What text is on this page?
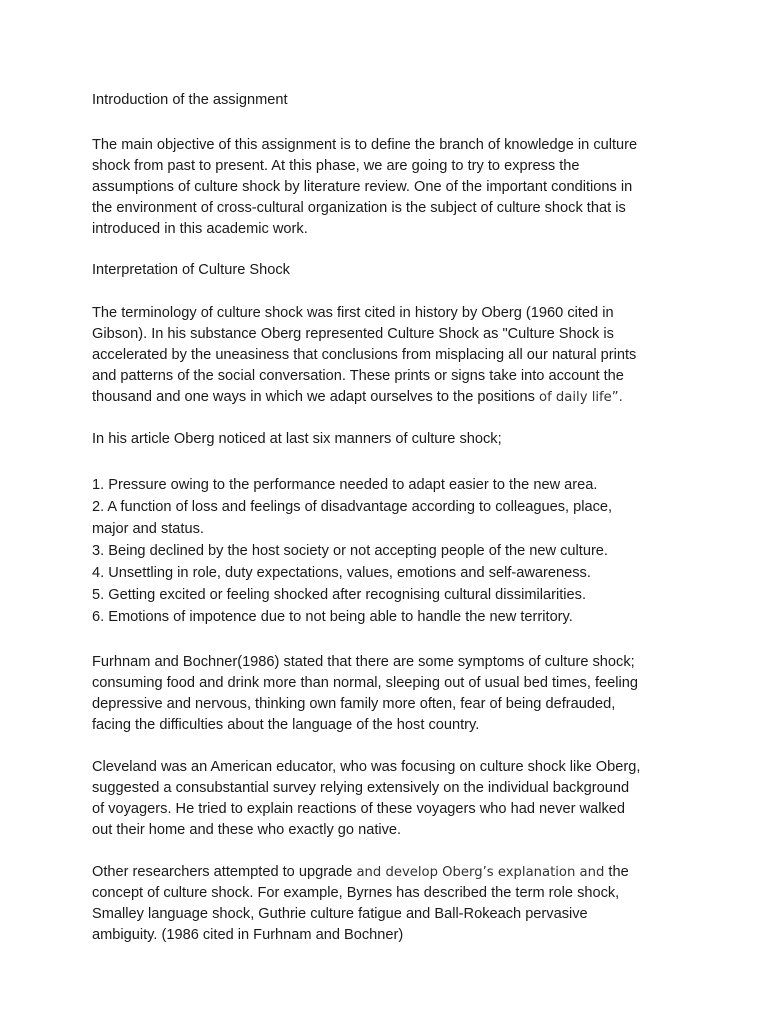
Introduction of the assignment

The main objective of this assignment is to define the branch of knowledge in culture
shock from past to present. At this phase, we are going to try to express the
assumptions of culture shock by literature review. One of the important conditions in
the environment of cross-cultural organization is the subject of culture shock that is
introduced in this academic work.

Interpretation of Culture Shock

The terminology of culture shock was first cited in history by Oberg (1960 cited in
Gibson). In his substance Oberg represented Culture Shock as "Culture Shock is
accelerated by the uneasiness that conclusions from misplacing all our natural prints
and patterns of the social conversation. These prints or signs take into account the
thousand and one ways in which we adapt ourselves to the positions of daily life”.

In his article Oberg noticed at last six manners of culture shock;

1. Pressure owing to the performance needed to adapt easier to the new area.
2. A function of loss and feelings of disadvantage according to colleagues, place,
major and status.
3. Being declined by the host society or not accepting people of the new culture.
4. Unsettling in role, duty expectations, values, emotions and self-awareness.
5. Getting excited or feeling shocked after recognising cultural dissimilarities.
6. Emotions of impotence due to not being able to handle the new territory.

Furhnam and Bochner(1986) stated that there are some symptoms of culture shock;
consuming food and drink more than normal, sleeping out of usual bed times, feeling
depressive and nervous, thinking own family more often, fear of being defrauded,
facing the difficulties about the language of the host country.

Cleveland was an American educator, who was focusing on culture shock like Oberg,
suggested a consubstantial survey relying extensively on the individual background
of voyagers. He tried to explain reactions of these voyagers who had never walked
out their home and these who exactly go native.

Other researchers attempted to upgrade and develop Oberg’s explanation and the
concept of culture shock. For example, Byrnes has described the term role shock,
Smalley language shock, Guthrie culture fatigue and Ball-Rokeach pervasive
ambiguity. (1986 cited in Furhnam and Bochner)
